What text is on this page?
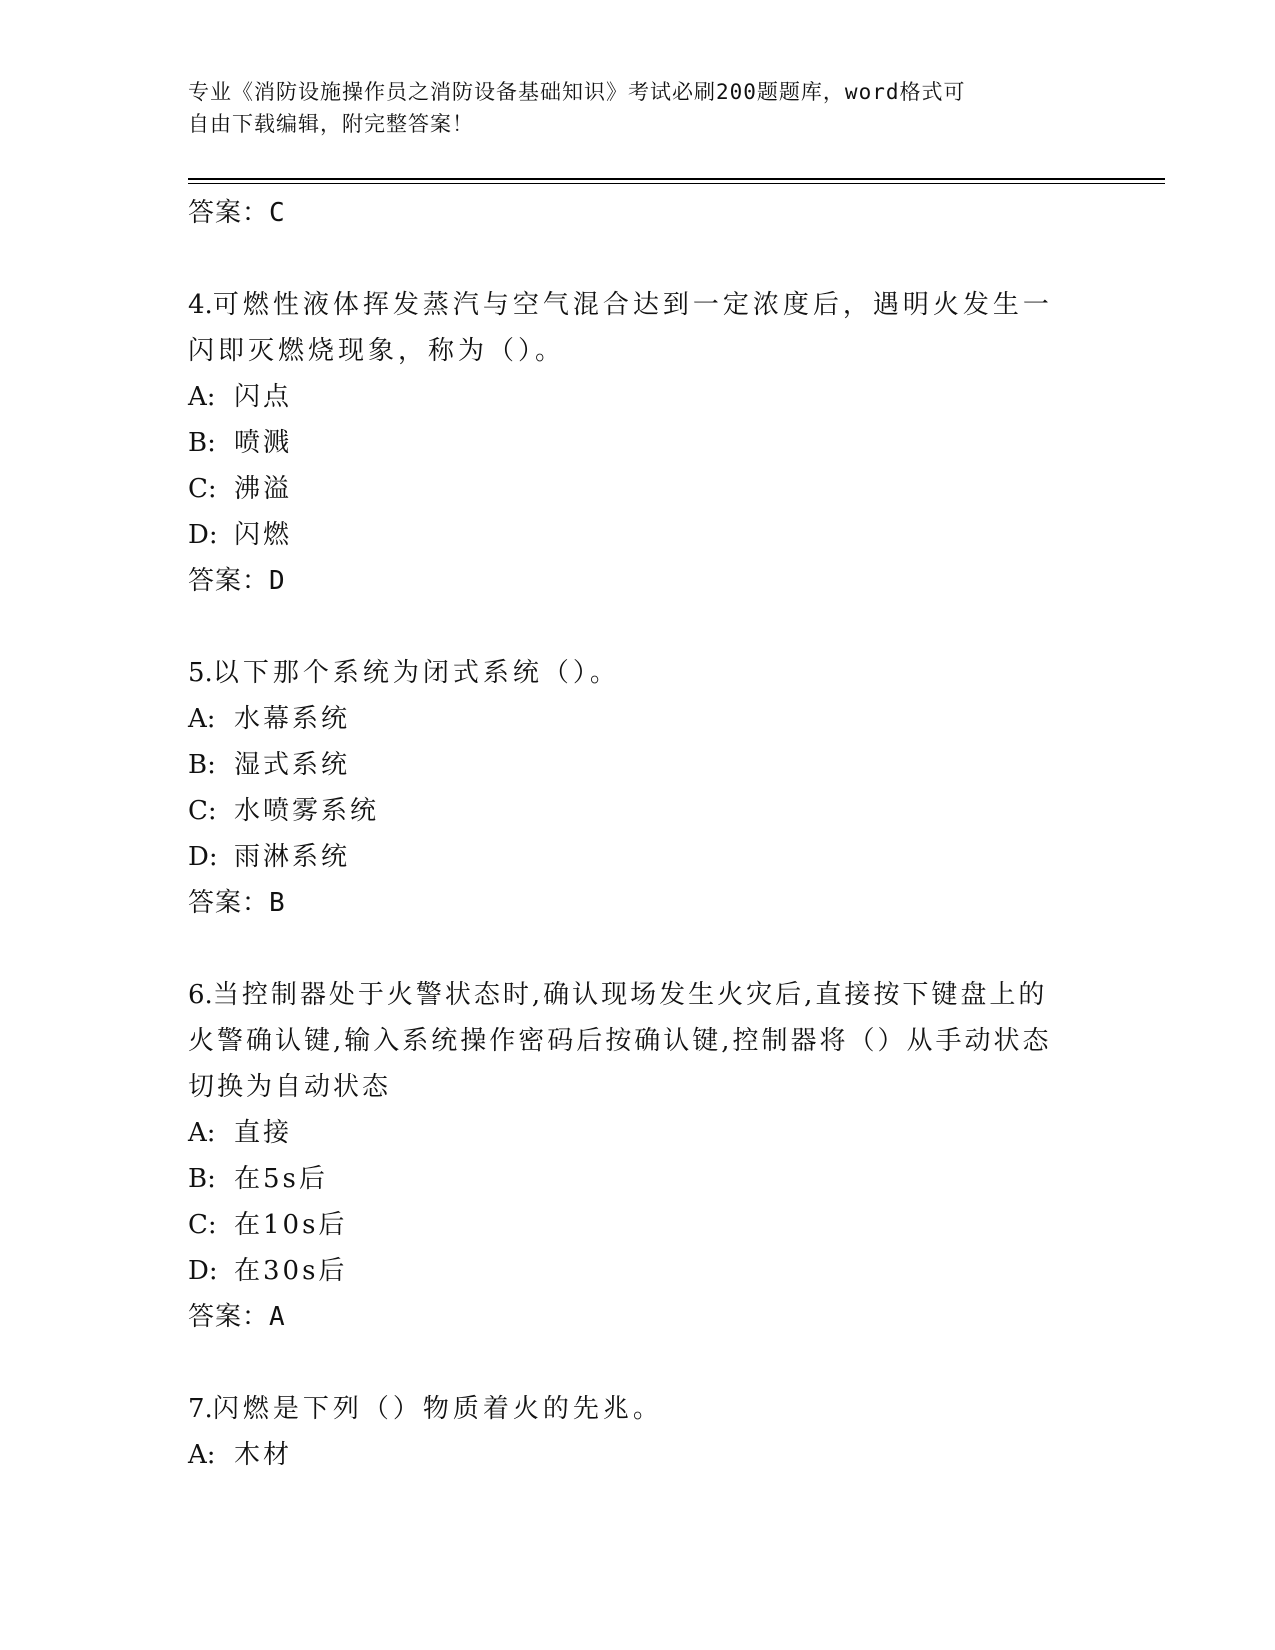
专业《消防设施操作员之消防设备基础知识》考试必刷200题题库，word格式可
自由下载编辑，附完整答案！
答案：C
4.可燃性液体挥发蒸汽与空气混合达到一定浓度后，遇明火发生一闪即灭燃烧现象，称为（）。
A: 闪点
B: 喷溅
C: 沸溢
D: 闪燃
答案：D
5.以下那个系统为闭式系统（）。
A: 水幕系统
B: 湿式系统
C: 水喷雾系统
D: 雨淋系统
答案：B
6.当控制器处于火警状态时,确认现场发生火灾后,直接按下键盘上的火警确认键,输入系统操作密码后按确认键,控制器将（）从手动状态切换为自动状态
A: 直接
B: 在5s后
C: 在10s后
D: 在30s后
答案：A
7.闪燃是下列（）物质着火的先兆。
A: 木材
